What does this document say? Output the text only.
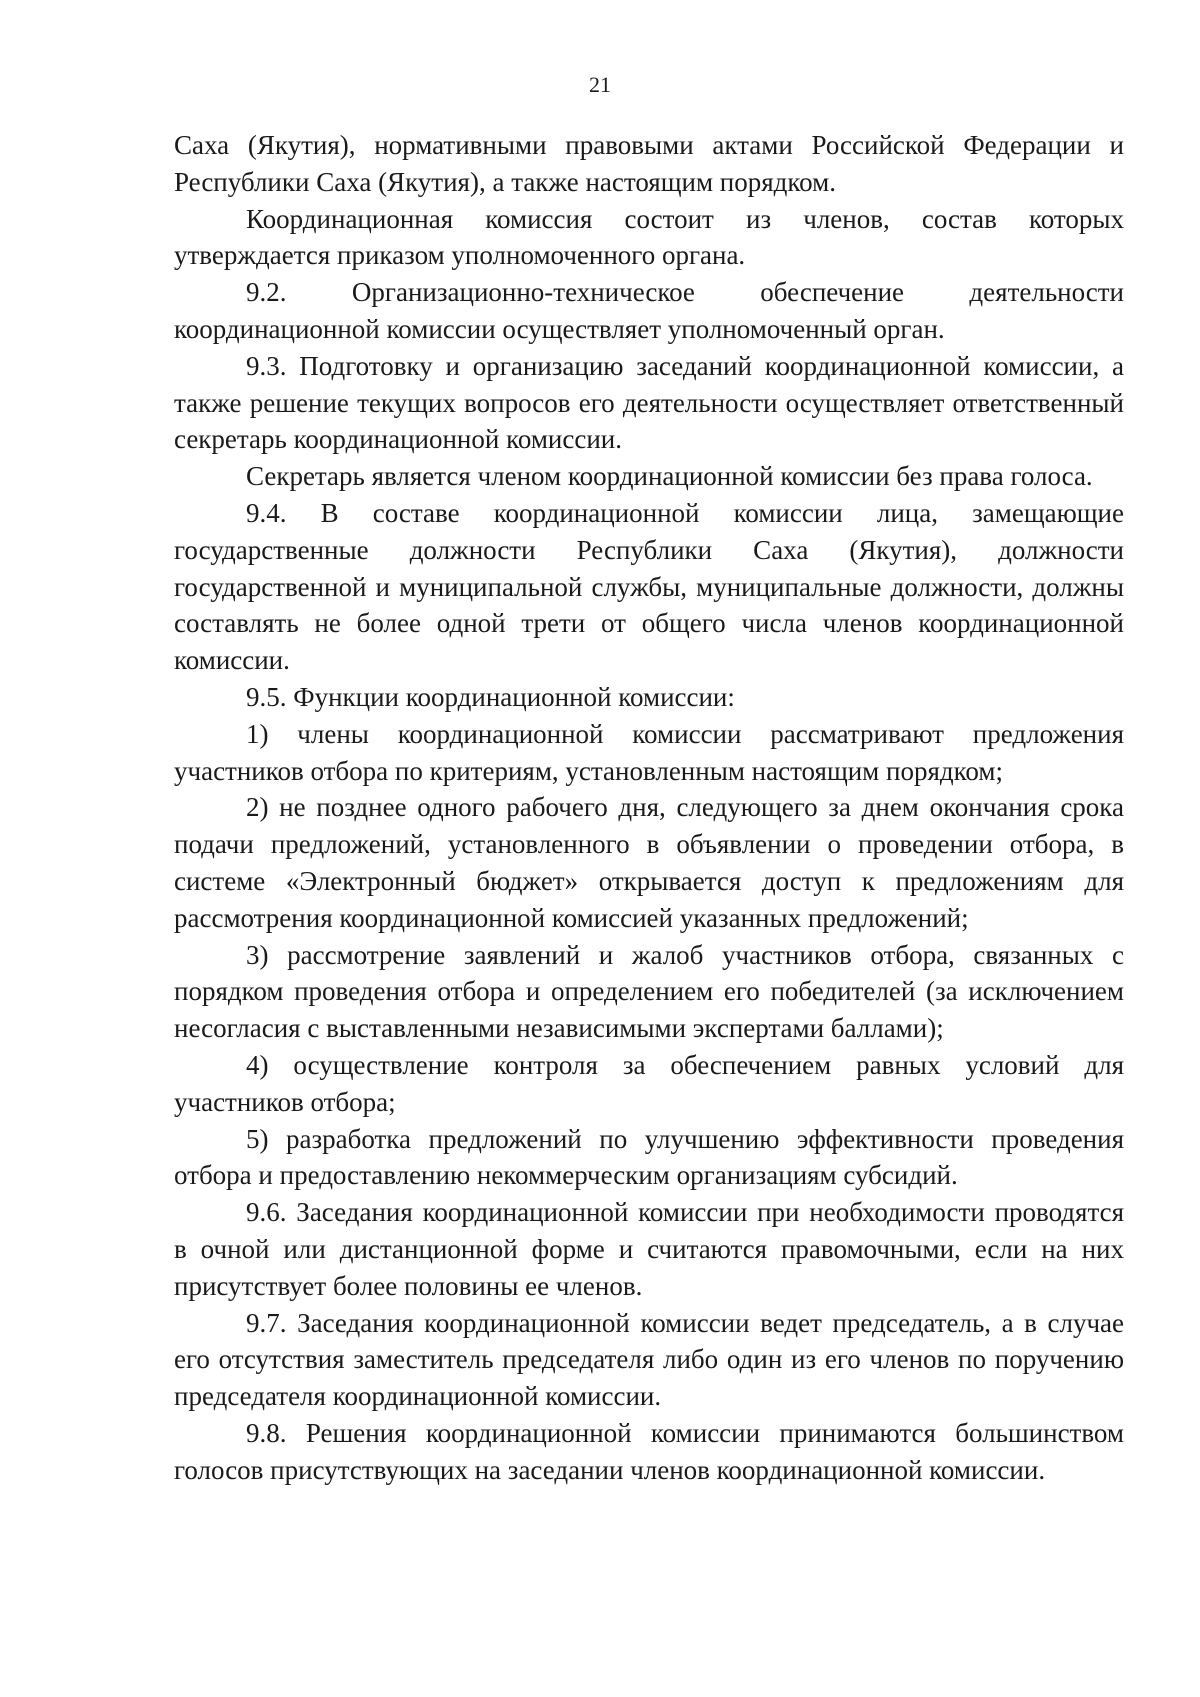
21

Саха (Якутия), нормативными правовыми актами Российской Федерации и Республики Саха (Якутия), а также настоящим порядком.

Координационная комиссия состоит из членов, состав которых утверждается приказом уполномоченного органа.

9.2. Организационно-техническое обеспечение деятельности координационной комиссии осуществляет уполномоченный орган.

9.3. Подготовку и организацию заседаний координационной комиссии, а также решение текущих вопросов его деятельности осуществляет ответственный секретарь координационной комиссии.

Секретарь является членом координационной комиссии без права голоса.

9.4. В составе координационной комиссии лица, замещающие государственные должности Республики Саха (Якутия), должности государственной и муниципальной службы, муниципальные должности, должны составлять не более одной трети от общего числа членов координационной комиссии.

9.5. Функции координационной комиссии:

1) члены координационной комиссии рассматривают предложения участников отбора по критериям, установленным настоящим порядком;

2) не позднее одного рабочего дня, следующего за днем окончания срока подачи предложений, установленного в объявлении о проведении отбора, в системе «Электронный бюджет» открывается доступ к предложениям для рассмотрения координационной комиссией указанных предложений;

3) рассмотрение заявлений и жалоб участников отбора, связанных с порядком проведения отбора и определением его победителей (за исключением несогласия с выставленными независимыми экспертами баллами);

4) осуществление контроля за обеспечением равных условий для участников отбора;

5) разработка предложений по улучшению эффективности проведения отбора и предоставлению некоммерческим организациям субсидий.

9.6. Заседания координационной комиссии при необходимости проводятся в очной или дистанционной форме и считаются правомочными, если на них присутствует более половины ее членов.

9.7. Заседания координационной комиссии ведет председатель, а в случае его отсутствия заместитель председателя либо один из его членов по поручению председателя координационной комиссии.

9.8. Решения координационной комиссии принимаются большинством голосов присутствующих на заседании членов координационной комиссии.
